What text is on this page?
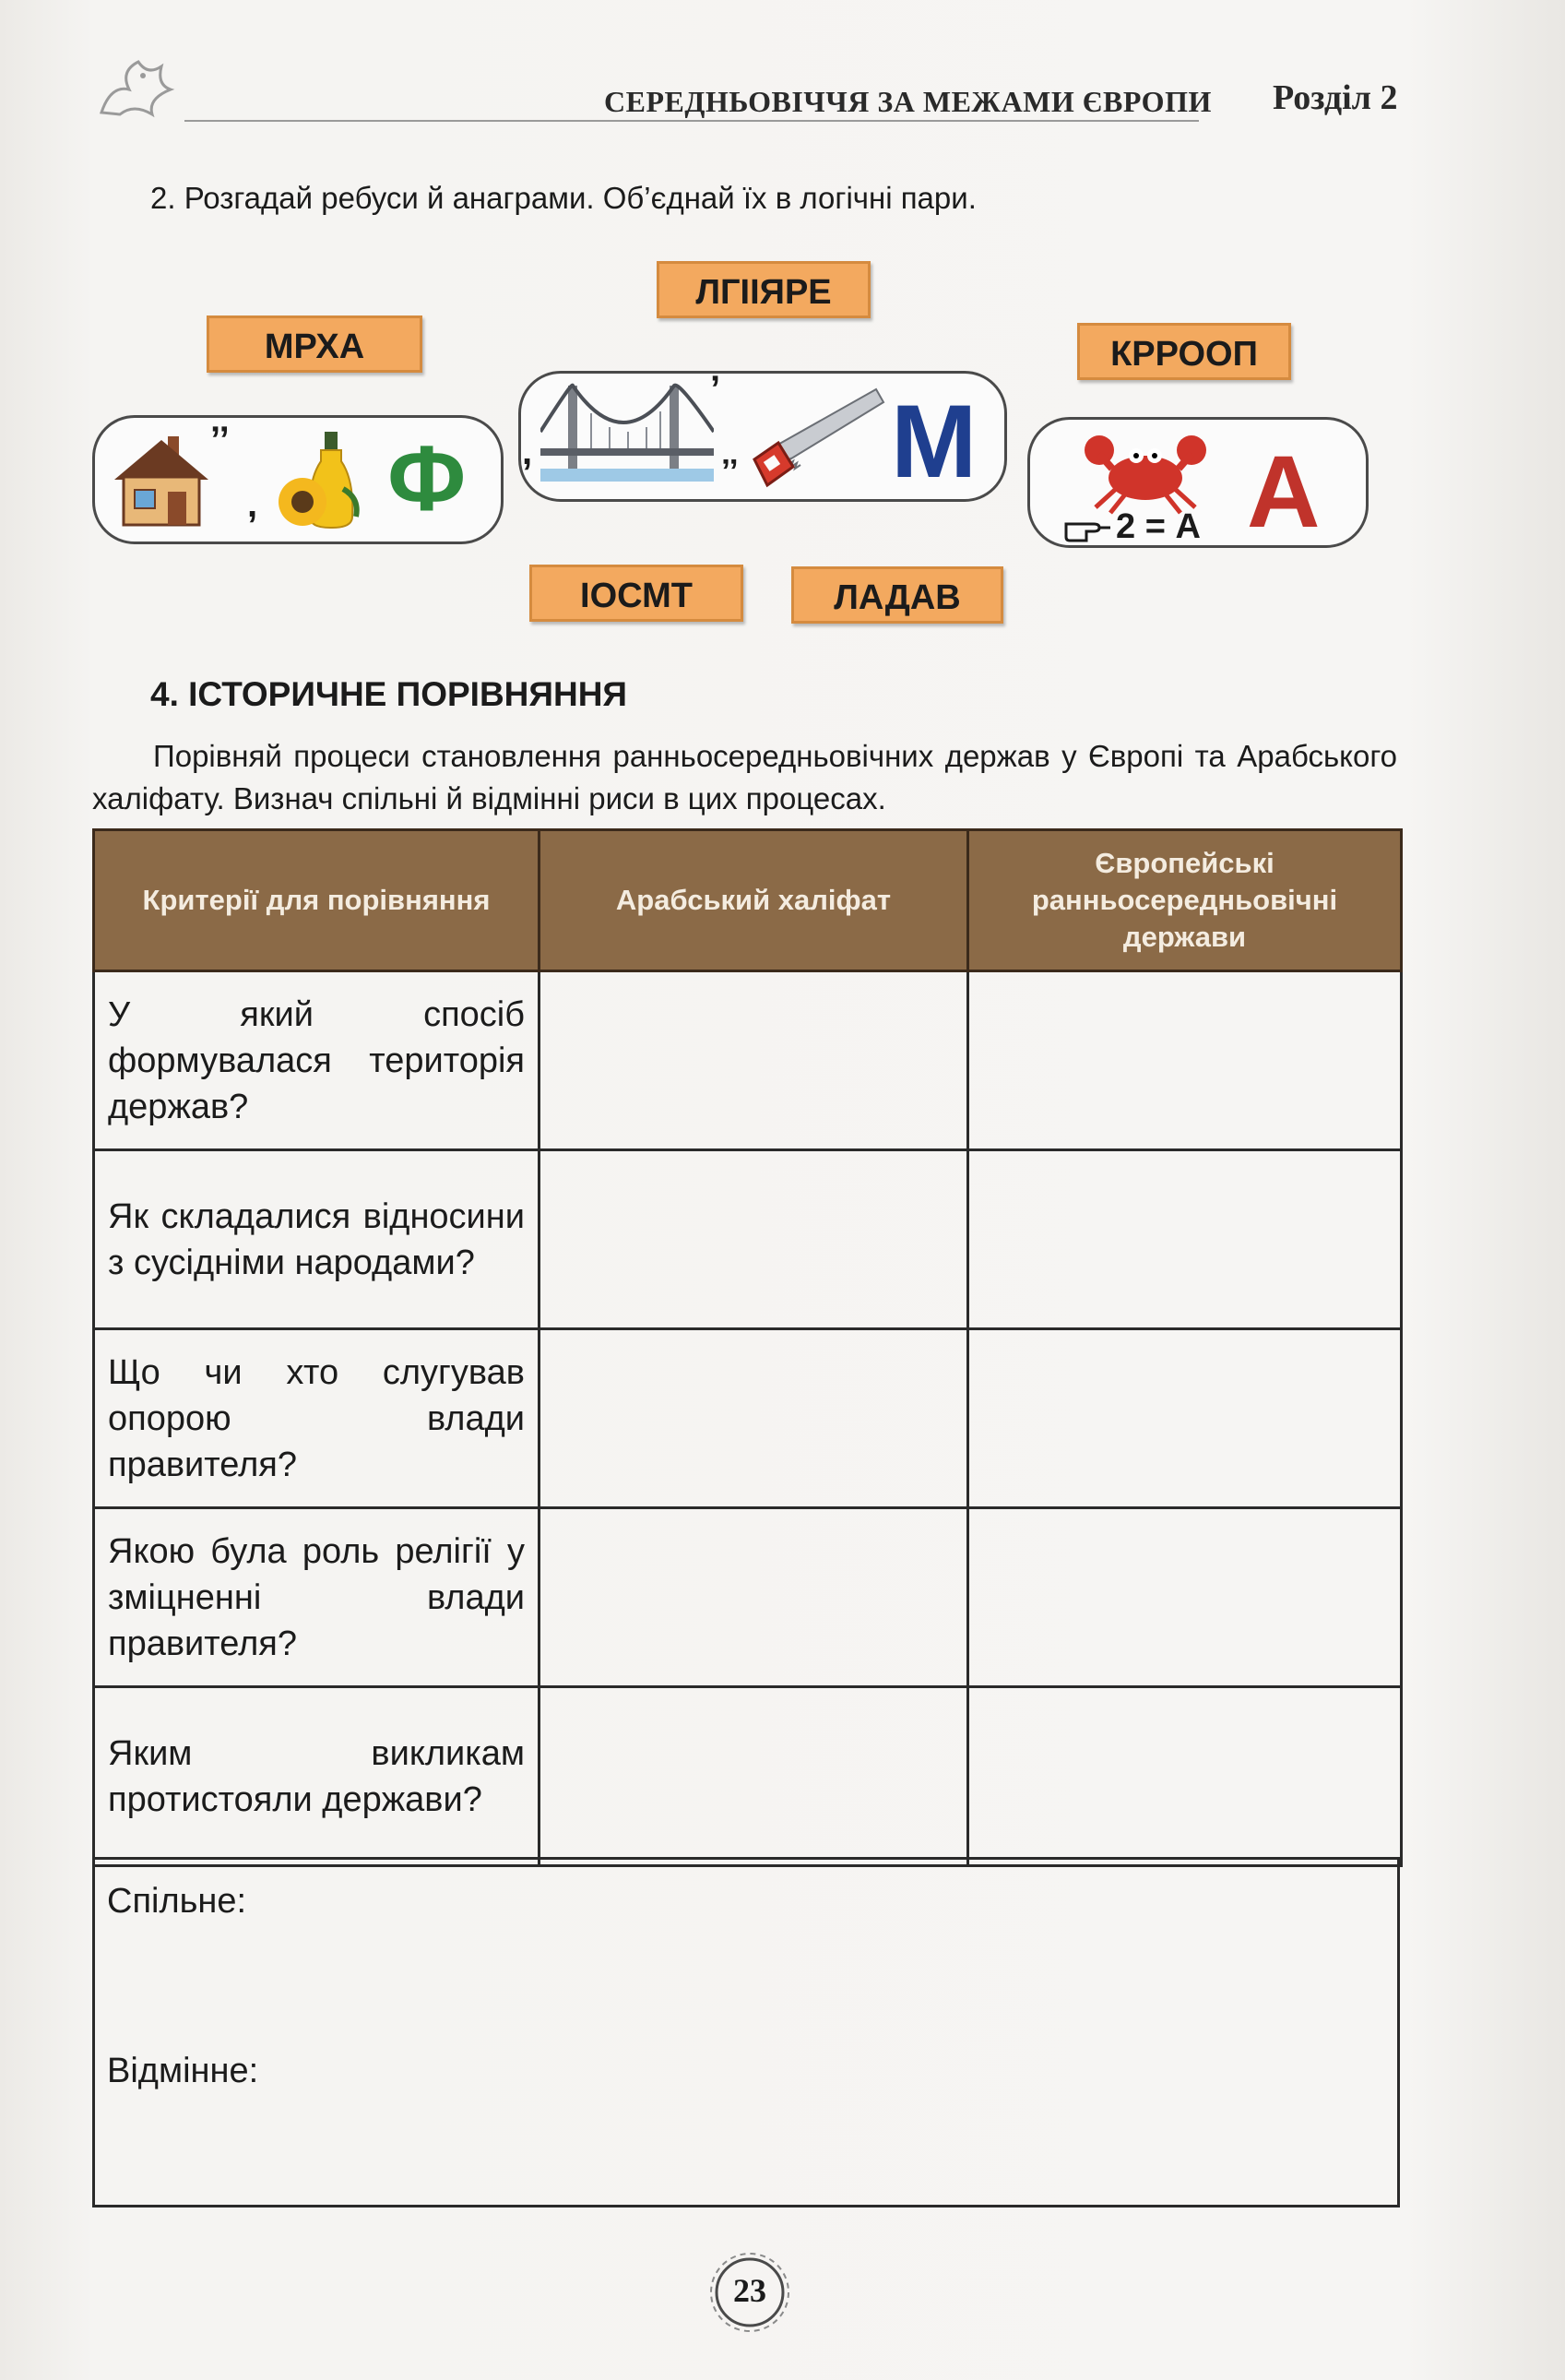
СЕРЕДНЬОВІЧЧЯ ЗА МЕЖАМИ ЄВРОПИ Розділ 2
2. Розгадай ребуси й анаграми. Об’єднай їх в логічні пари.
МРХА
ЛГІІЯРЕ
КРРООП
ІОСМТ	ЛАДАВ
’’
, Ф ,
’
’’ М
2 = А А
4. ІСТОРИЧНЕ ПОРІВНЯННЯ
Порівняй процеси становлення ранньосередньовічних держав у Європі та Арабського халіфату. Визнач спільні й відмінні риси в цих процесах.
Критерії для порівняння	Арабський халіфат	Європейські ранньосередньовічні держави
У який спосіб формувалася територія держав?		
Як складалися відносини з сусідніми народами?		
Що чи хто слугував опорою влади правителя?		
Якою була роль релігії у зміцненні влади правителя?		
Яким викликам протистояли держави?		
Спільне:
Відмінне:
23
